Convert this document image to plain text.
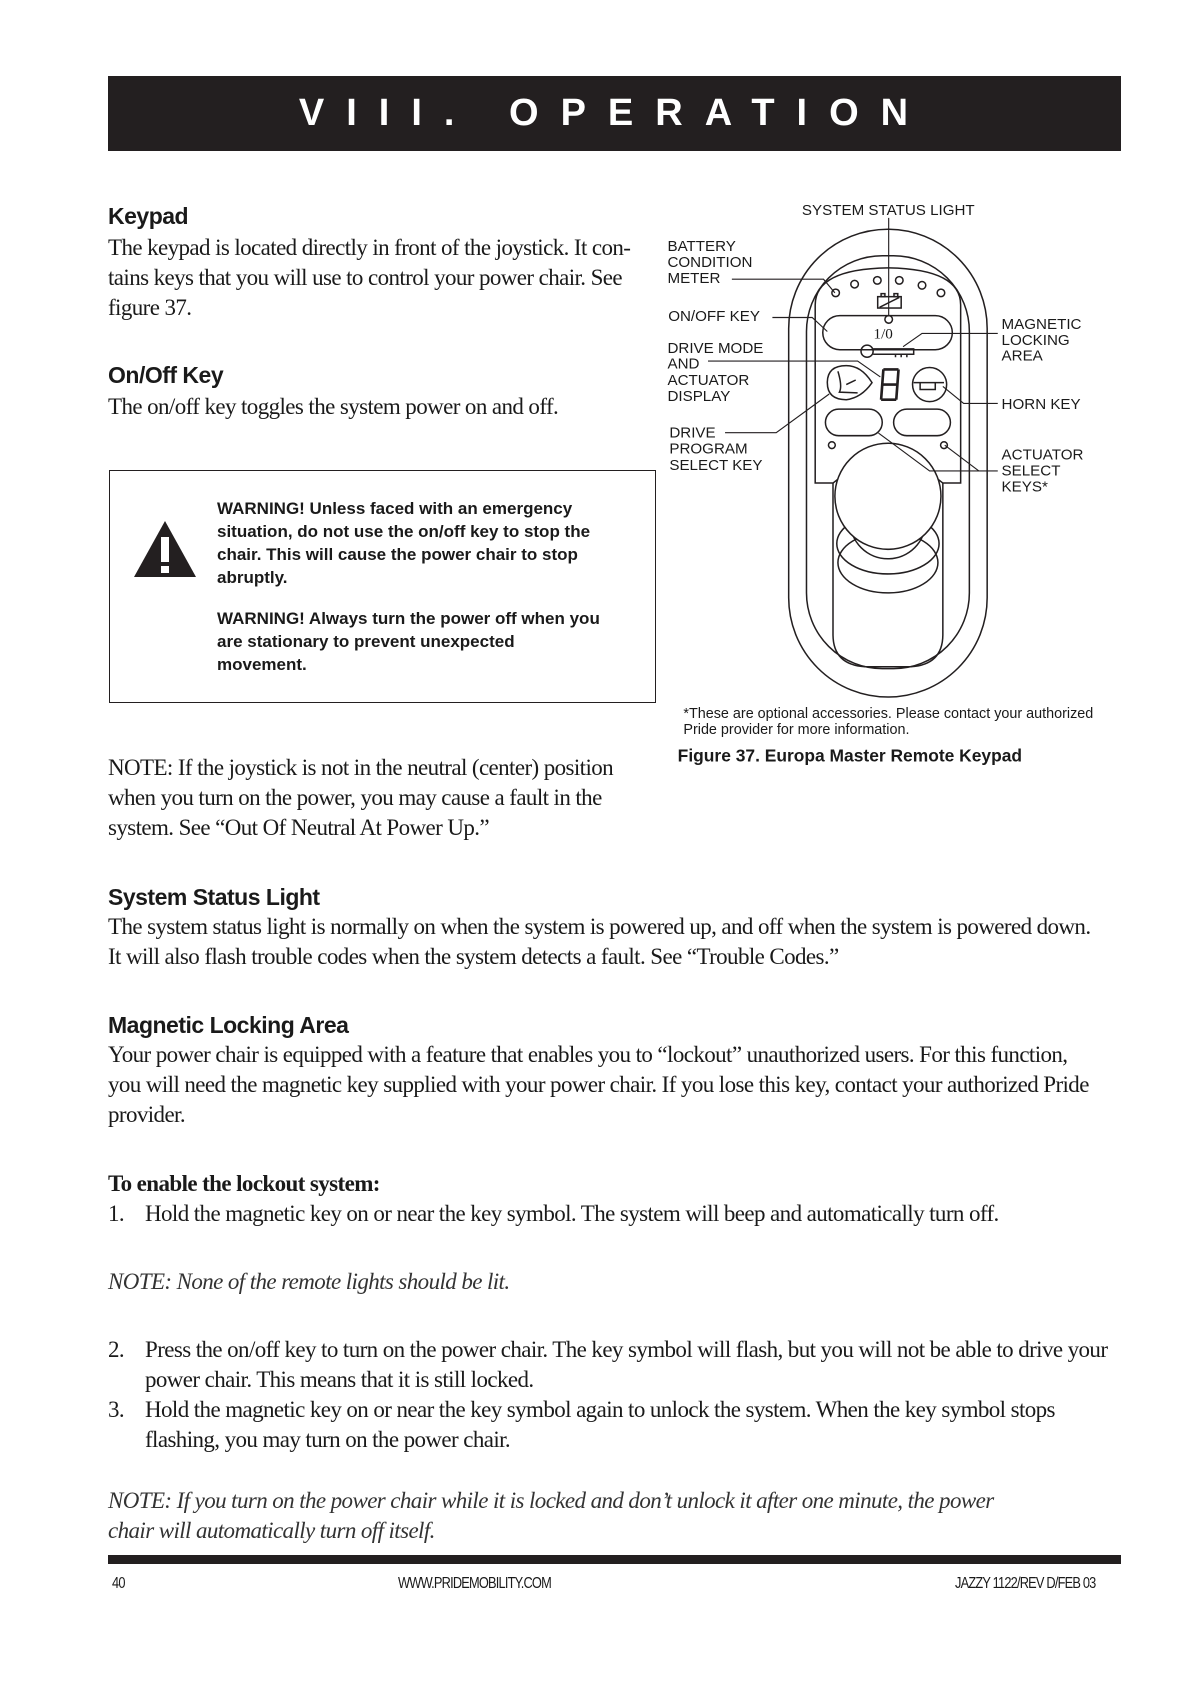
VIII. OPERATION
Keypad
The keypad is located directly in front of the joystick. It con-
tains keys that you will use to control your power chair. See
figure 37.
On/Off Key
The on/off key toggles the system power on and off.
WARNING! Unless faced with an emergency
situation, do not use the on/off key to stop the
chair. This will cause the power chair to stop
abruptly.
WARNING! Always turn the power off when you
are stationary to prevent unexpected
movement.
NOTE: If the joystick is not in the neutral (center) position
when you turn on the power, you may cause a fault in the
system. See “Out Of Neutral At Power Up.”
SYSTEM STATUS LIGHT
BATTERY
CONDITION
METER
ON/OFF KEY
DRIVE MODE
AND
ACTUATOR
DISPLAY
DRIVE
PROGRAM
SELECT KEY
MAGNETIC
LOCKING
AREA
HORN KEY
ACTUATOR
SELECT
KEYS*
1/0
*These are optional accessories. Please contact your authorized
Pride provider for more information.
Figure 37. Europa Master Remote Keypad
System Status Light
The system status light is normally on when the system is powered up, and off when the system is powered down.
It will also flash trouble codes when the system detects a fault. See “Trouble Codes.”
Magnetic Locking Area
Your power chair is equipped with a feature that enables you to “lockout” unauthorized users. For this function,
you will need the magnetic key supplied with your power chair. If you lose this key, contact your authorized Pride
provider.
To enable the lockout system:
1. Hold the magnetic key on or near the key symbol. The system will beep and automatically turn off.
NOTE: None of the remote lights should be lit.
2. Press the on/off key to turn on the power chair. The key symbol will flash, but you will not be able to drive your
power chair. This means that it is still locked.
3. Hold the magnetic key on or near the key symbol again to unlock the system. When the key symbol stops
flashing, you may turn on the power chair.
NOTE: If you turn on the power chair while it is locked and don’t unlock it after one minute, the power
chair will automatically turn off itself.
40	WWW.PRIDEMOBILITY.COM	JAZZY 1122/REV D/FEB 03
